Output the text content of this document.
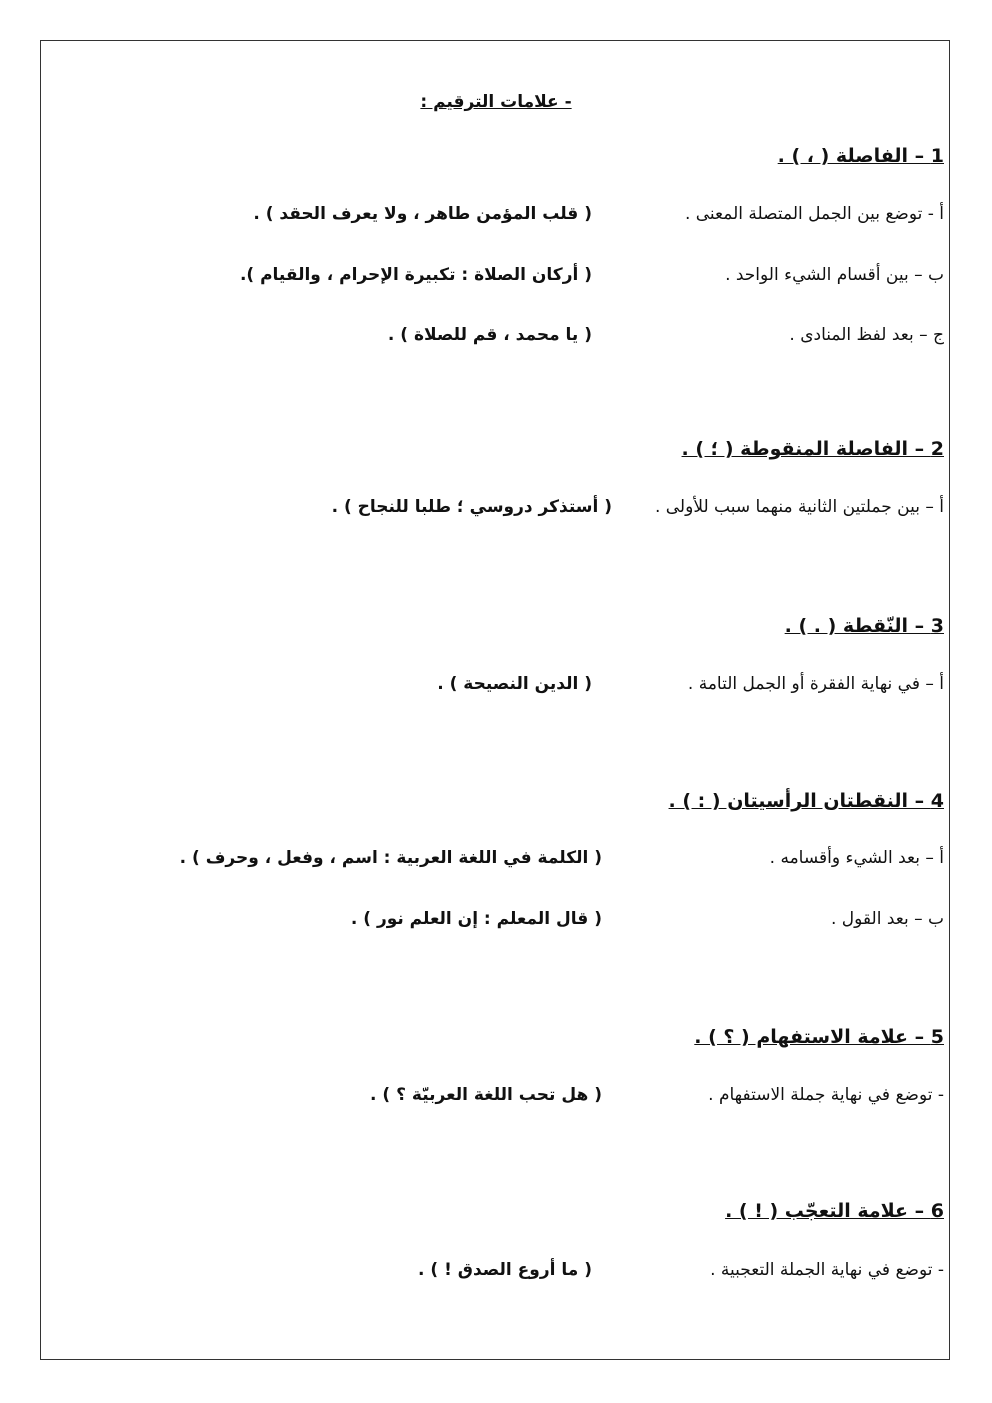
- علامات الترقيم :
1 – الفاصلة ( ، ) .
أ - توضع بين الجمل المتصلة المعنى .
( قلب المؤمن طاهر ، ولا يعرف الحقد ) .
ب – بين أقسام الشيء الواحد .
( أركان الصلاة : تكبيرة الإحرام ، والقيام ).
ج – بعد لفظ المنادى .
( يا محمد ، قم للصلاة ) .
2 – الفاصلة المنقوطة ( ؛ ) .
أ – بين جملتين الثانية منهما سبب للأولى .
( أستذكر دروسي ؛ طلبا للنجاح ) .
3 – النّقطة ( . ) .
أ – في نهاية الفقرة أو الجمل التامة .
( الدين النصيحة ) .
4 – النقطتان الرأسيتان ( : ) .
أ – بعد الشيء وأقسامه .
( الكلمة في اللغة العربية : اسم ، وفعل ، وحرف ) .
ب – بعد القول .
( قال المعلم : إن العلم نور ) .
5 – علامة الاستفهام ( ؟ ) .
- توضع في نهاية جملة الاستفهام .
( هل تحب اللغة العربيّة ؟ ) .
6 – علامة التعجّب ( ! ) .
- توضع في نهاية الجملة التعجبية .
( ما أروع الصدق ! ) .
